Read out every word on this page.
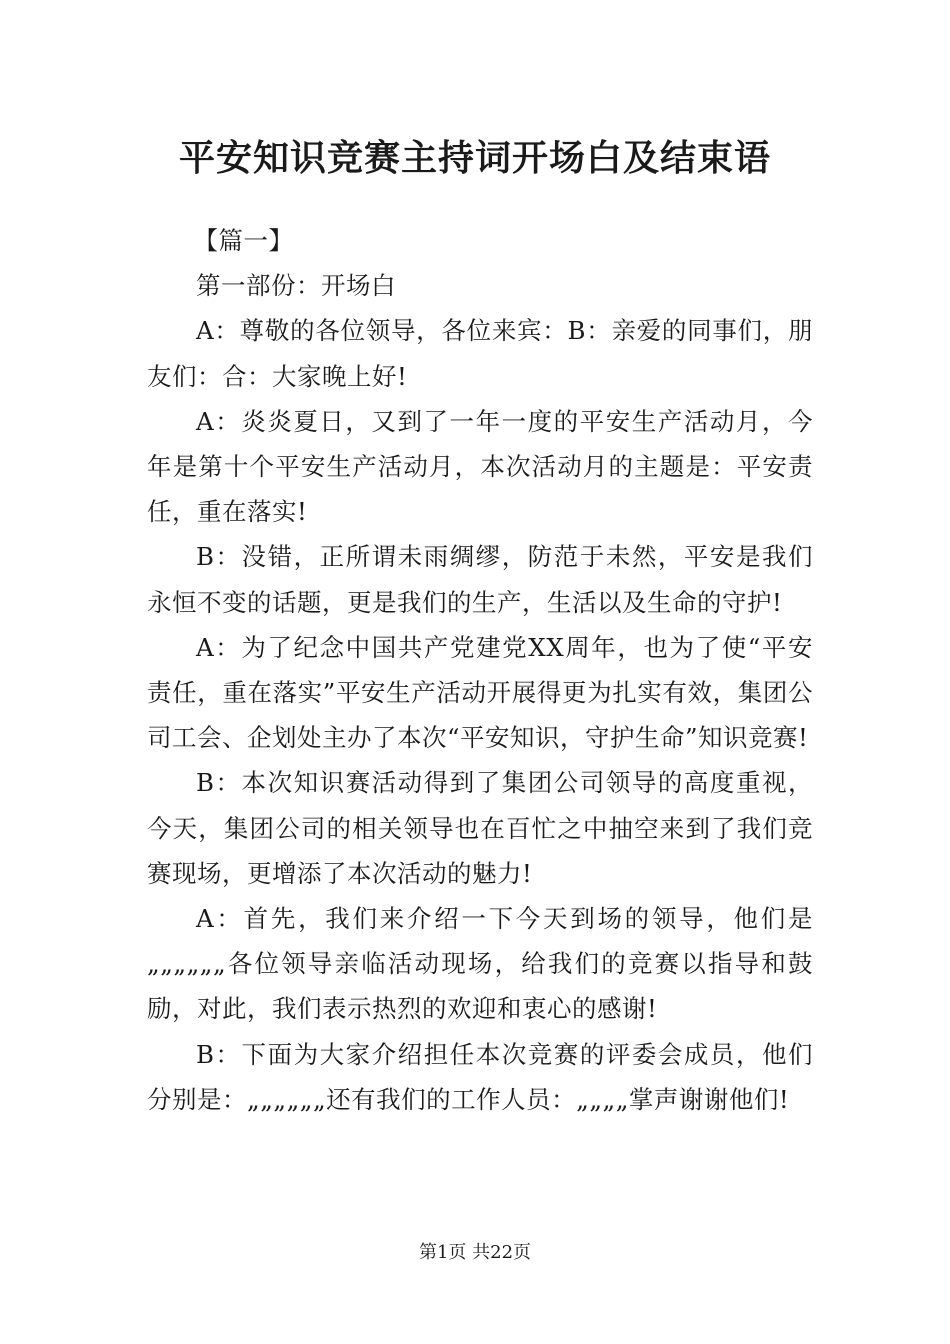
平安知识竞赛主持词开场白及结束语

【篇一】

第一部份：开场白

A：尊敬的各位领导，各位来宾：B：亲爱的同事们，朋友们：合：大家晚上好!

A：炎炎夏日，又到了一年一度的平安生产活动月，今年是第十个平安生产活动月，本次活动月的主题是：平安责任，重在落实!

B：没错，正所谓未雨绸缪，防范于未然，平安是我们永恒不变的话题，更是我们的生产，生活以及生命的守护!

A：为了纪念中国共产党建党XX周年，也为了使“平安责任，重在落实”平安生产活动开展得更为扎实有效，集团公司工会、企划处主办了本次“平安知识，守护生命”知识竞赛!

B：本次知识赛活动得到了集团公司领导的高度重视，今天，集团公司的相关领导也在百忙之中抽空来到了我们竞赛现场，更增添了本次活动的魅力!

A：首先，我们来介绍一下今天到场的领导，他们是„„„„„„各位领导亲临活动现场，给我们的竞赛以指导和鼓励，对此，我们表示热烈的欢迎和衷心的感谢!

B：下面为大家介绍担任本次竞赛的评委会成员，他们分别是：„„„„„„还有我们的工作人员：„„„„掌声谢谢他们!

第1页 共22页
